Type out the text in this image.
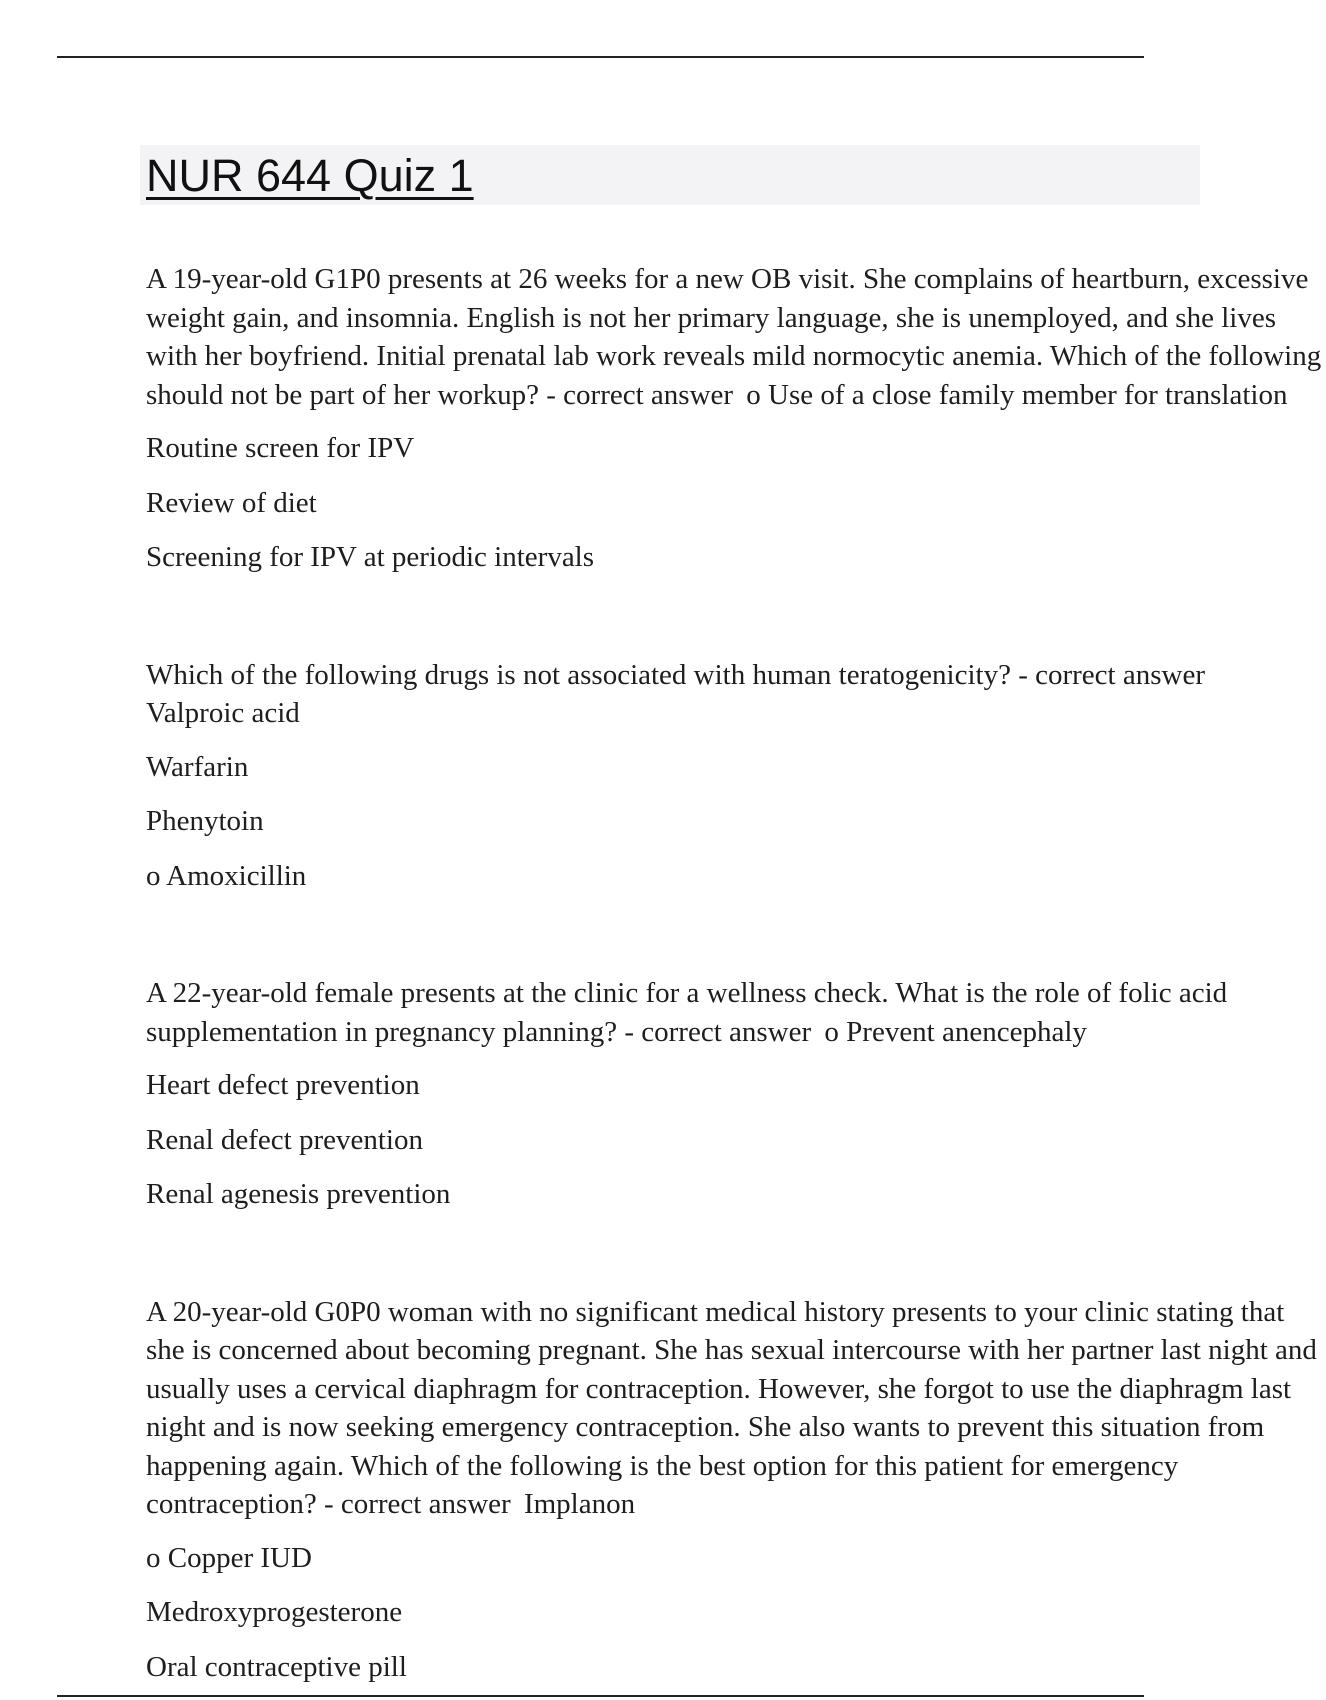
NUR 644 Quiz 1

A 19-year-old G1P0 presents at 26 weeks for a new OB visit. She complains of heartburn, excessive weight gain, and insomnia. English is not her primary language, she is unemployed, and she lives with her boyfriend. Initial prenatal lab work reveals mild normocytic anemia. Which of the following should not be part of her workup? - correct answer o Use of a close family member for translation

Routine screen for IPV

Review of diet

Screening for IPV at periodic intervals

Which of the following drugs is not associated with human teratogenicity? - correct answer
Valproic acid

Warfarin

Phenytoin

o Amoxicillin

A 22-year-old female presents at the clinic for a wellness check. What is the role of folic acid supplementation in pregnancy planning? - correct answer o Prevent anencephaly

Heart defect prevention

Renal defect prevention

Renal agenesis prevention

A 20-year-old G0P0 woman with no significant medical history presents to your clinic stating that she is concerned about becoming pregnant. She has sexual intercourse with her partner last night and usually uses a cervical diaphragm for contraception. However, she forgot to use the diaphragm last night and is now seeking emergency contraception. She also wants to prevent this situation from happening again. Which of the following is the best option for this patient for emergency contraception? - correct answer Implanon

o Copper IUD

Medroxyprogesterone

Oral contraceptive pill
